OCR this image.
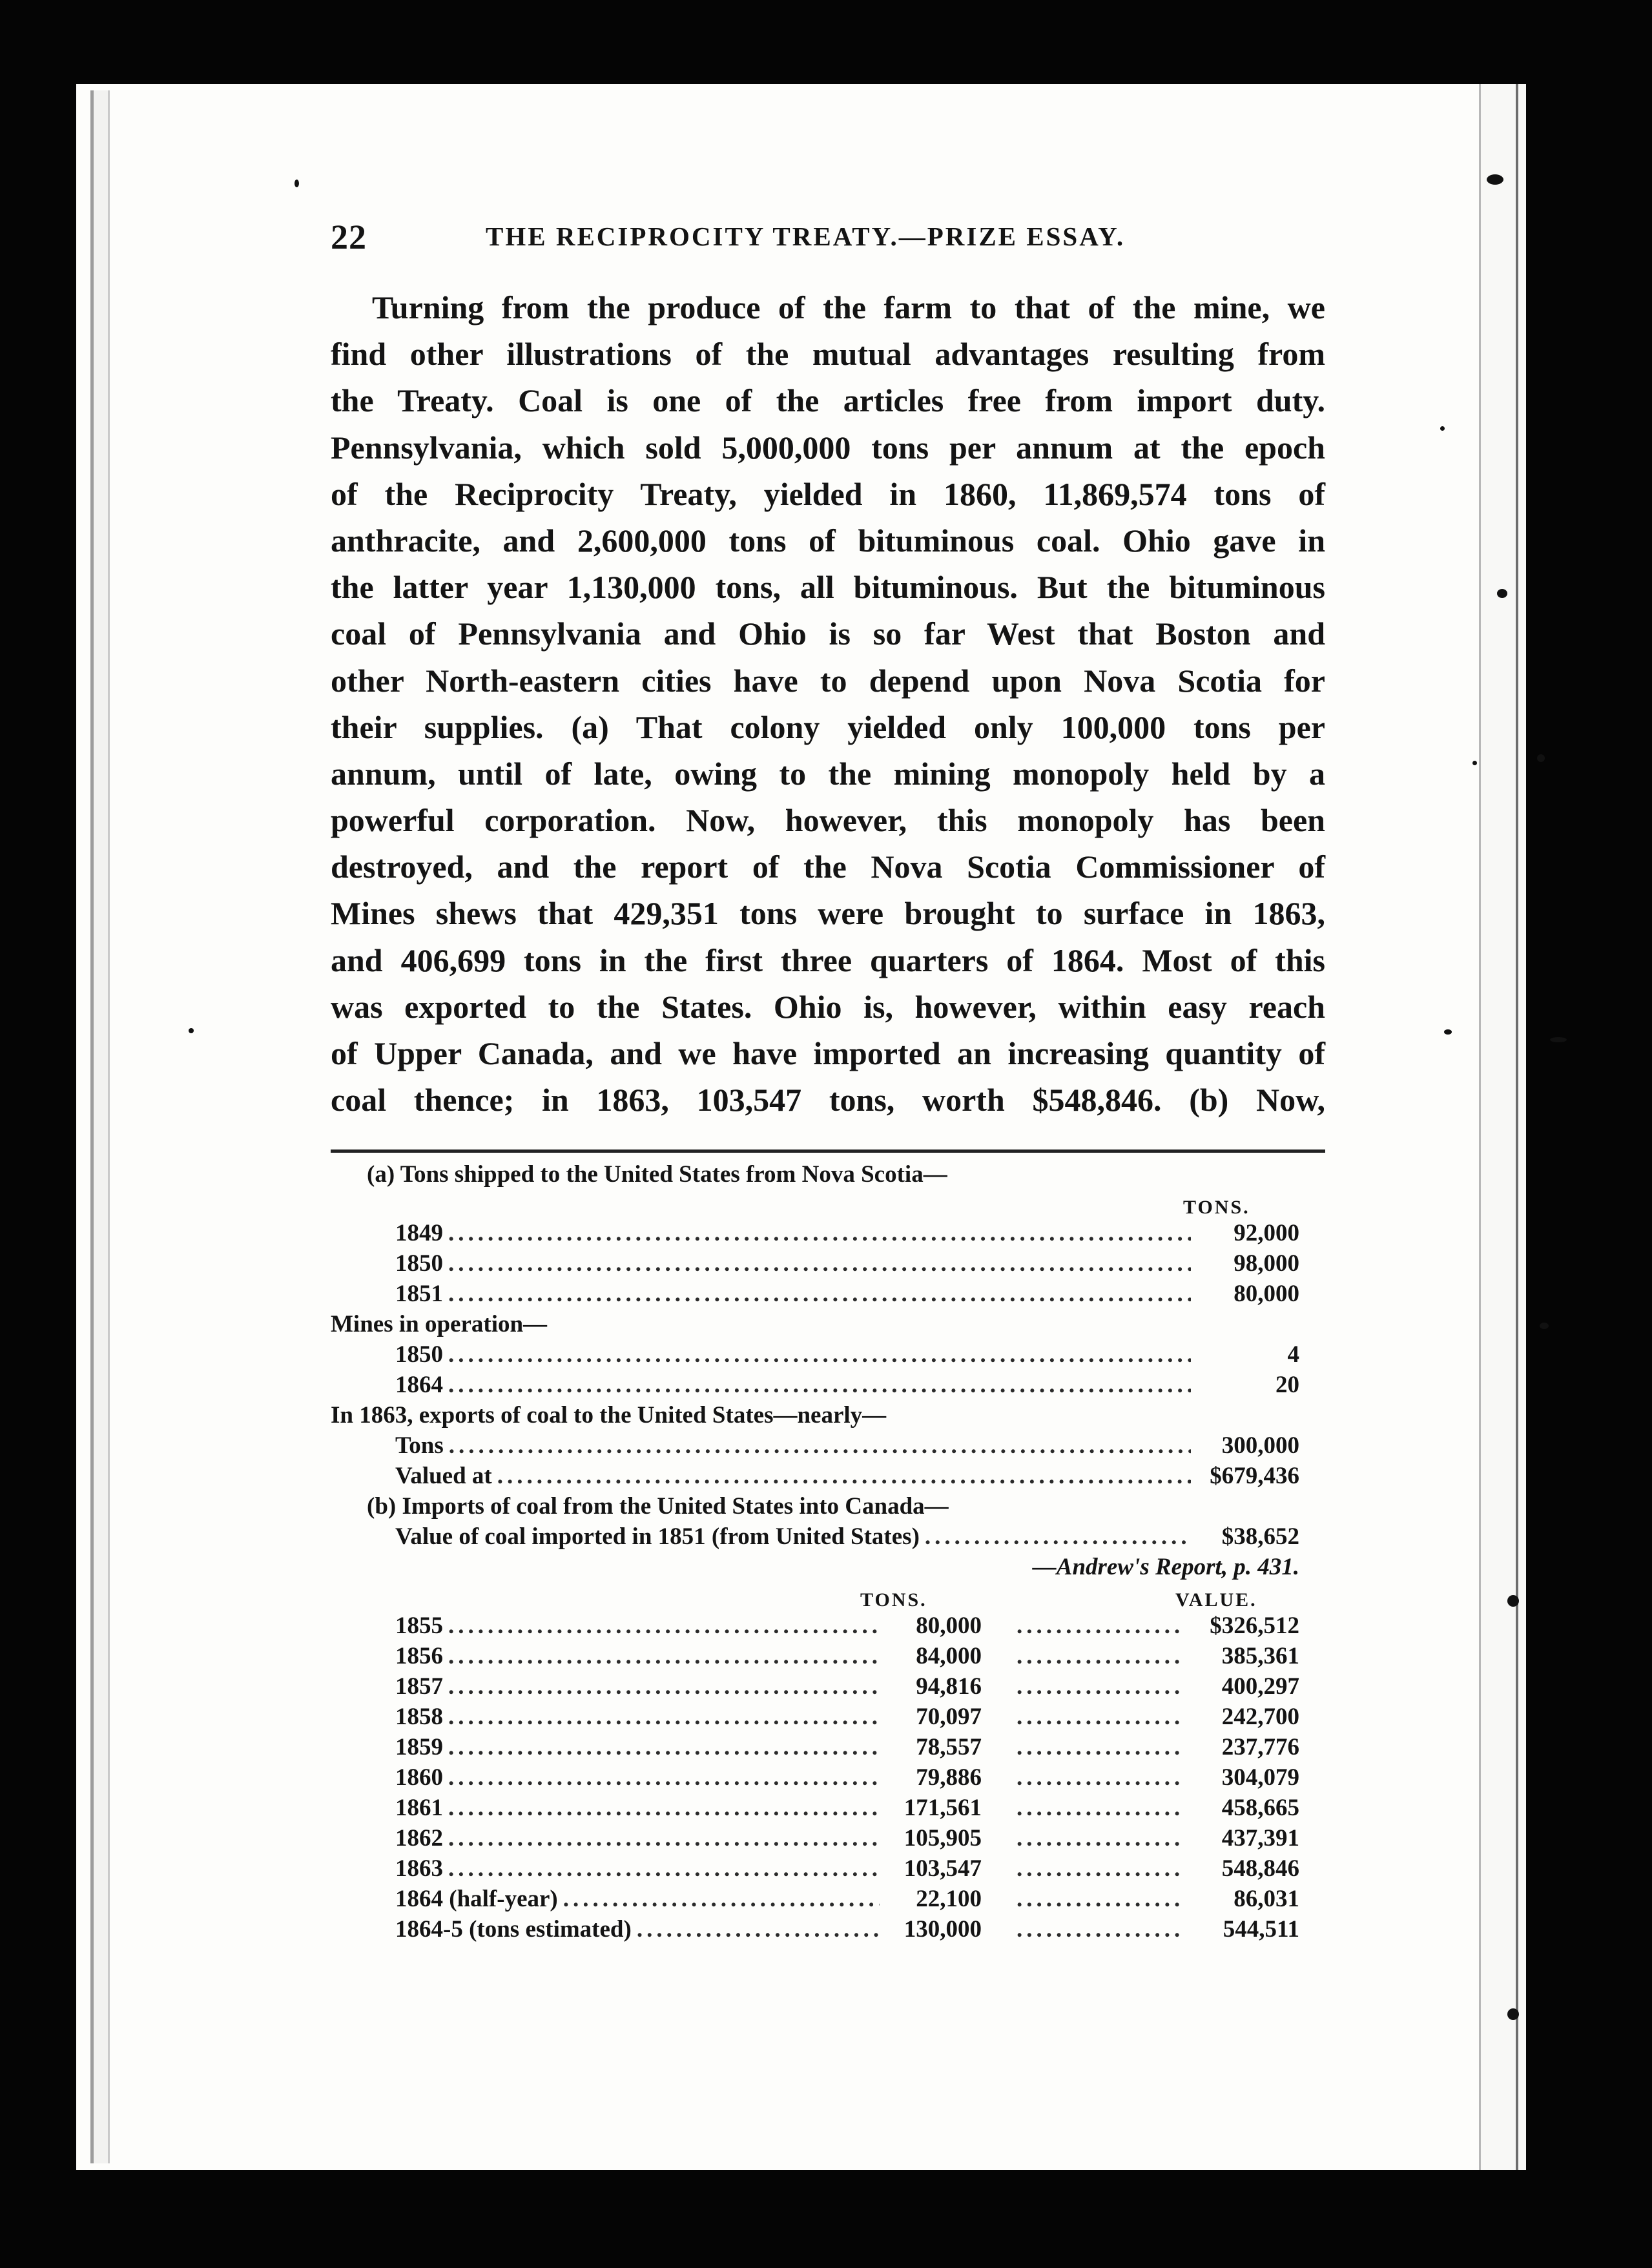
22	THE RECIPROCITY TREATY.—PRIZE ESSAY.
Turning from the produce of the farm to that of the mine, we
find other illustrations of the mutual advantages resulting from
the Treaty. Coal is one of the articles free from import duty.
Pennsylvania, which sold 5,000,000 tons per annum at the epoch
of the Reciprocity Treaty, yielded in 1860, 11,869,574 tons of
anthracite, and 2,600,000 tons of bituminous coal. Ohio gave in
the latter year 1,130,000 tons, all bituminous. But the bituminous
coal of Pennsylvania and Ohio is so far West that Boston and
other North-eastern cities have to depend upon Nova Scotia for
their supplies. (a) That colony yielded only 100,000 tons per
annum, until of late, owing to the mining monopoly held by a
powerful corporation. Now, however, this monopoly has been
destroyed, and the report of the Nova Scotia Commissioner of
Mines shews that 429,351 tons were brought to surface in 1863,
and 406,699 tons in the first three quarters of 1864. Most of this
was exported to the States. Ohio is, however, within easy reach
of Upper Canada, and we have imported an increasing quantity of
coal thence; in 1863, 103,547 tons, worth $548,846. (b) Now,
(a) Tons shipped to the United States from Nova Scotia—
TONS.
1849 .....	92,000
1850 .....	98,000
1851 .....	80,000
Mines in operation—
1850 .....	4
1864 .....	20
In 1863, exports of coal to the United States—nearly—
Tons .....	300,000
Valued at .....	$679,436
(b) Imports of coal from the United States into Canada—
Value of coal imported in 1851 (from United States) .....	$38,652
—Andrew's Report, p. 431.
TONS.	VALUE.
1855 .....	80,000 .....	$326,512
1856 .....	84,000 .....	385,361
1857 .....	94,816 .....	400,297
1858 .....	70,097 .....	242,700
1859 .....	78,557 .....	237,776
1860 .....	79,886 .....	304,079
1861 .....	171,561 .....	458,665
1862 .....	105,905 .....	437,391
1863 .....	103,547 .....	548,846
1864 (half-year) .....	22,100 .....	86,031
1864-5 (tons estimated) .....	130,000 .....	544,511
